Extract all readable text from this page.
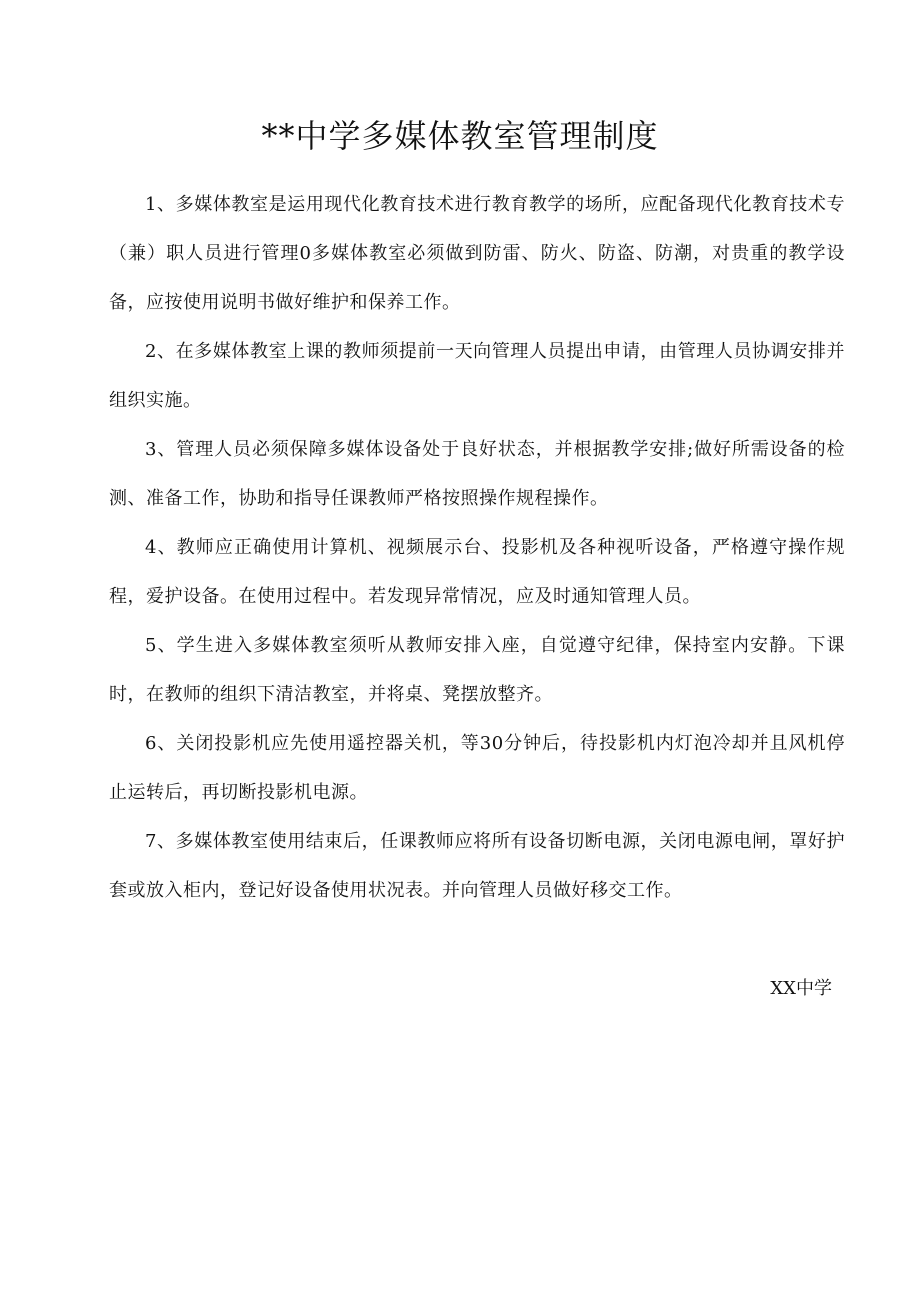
**中学多媒体教室管理制度

1、多媒体教室是运用现代化教育技术进行教育教学的场所，应配备现代化教育技术专（兼）职人员进行管理0多媒体教室必须做到防雷、防火、防盗、防潮，对贵重的教学设备，应按使用说明书做好维护和保养工作。

2、在多媒体教室上课的教师须提前一天向管理人员提出申请，由管理人员协调安排并组织实施。

3、管理人员必须保障多媒体设备处于良好状态，并根据教学安排;做好所需设备的检测、准备工作，协助和指导任课教师严格按照操作规程操作。

4、教师应正确使用计算机、视频展示台、投影机及各种视听设备，严格遵守操作规程，爱护设备。在使用过程中。若发现异常情况，应及时通知管理人员。

5、学生进入多媒体教室须听从教师安排入座，自觉遵守纪律，保持室内安静。下课时，在教师的组织下清洁教室，并将桌、凳摆放整齐。

6、关闭投影机应先使用遥控器关机，等30分钟后，待投影机内灯泡冷却并且风机停止运转后，再切断投影机电源。

7、多媒体教室使用结束后，任课教师应将所有设备切断电源，关闭电源电闸，罩好护套或放入柜内，登记好设备使用状况表。并向管理人员做好移交工作。

XX中学
